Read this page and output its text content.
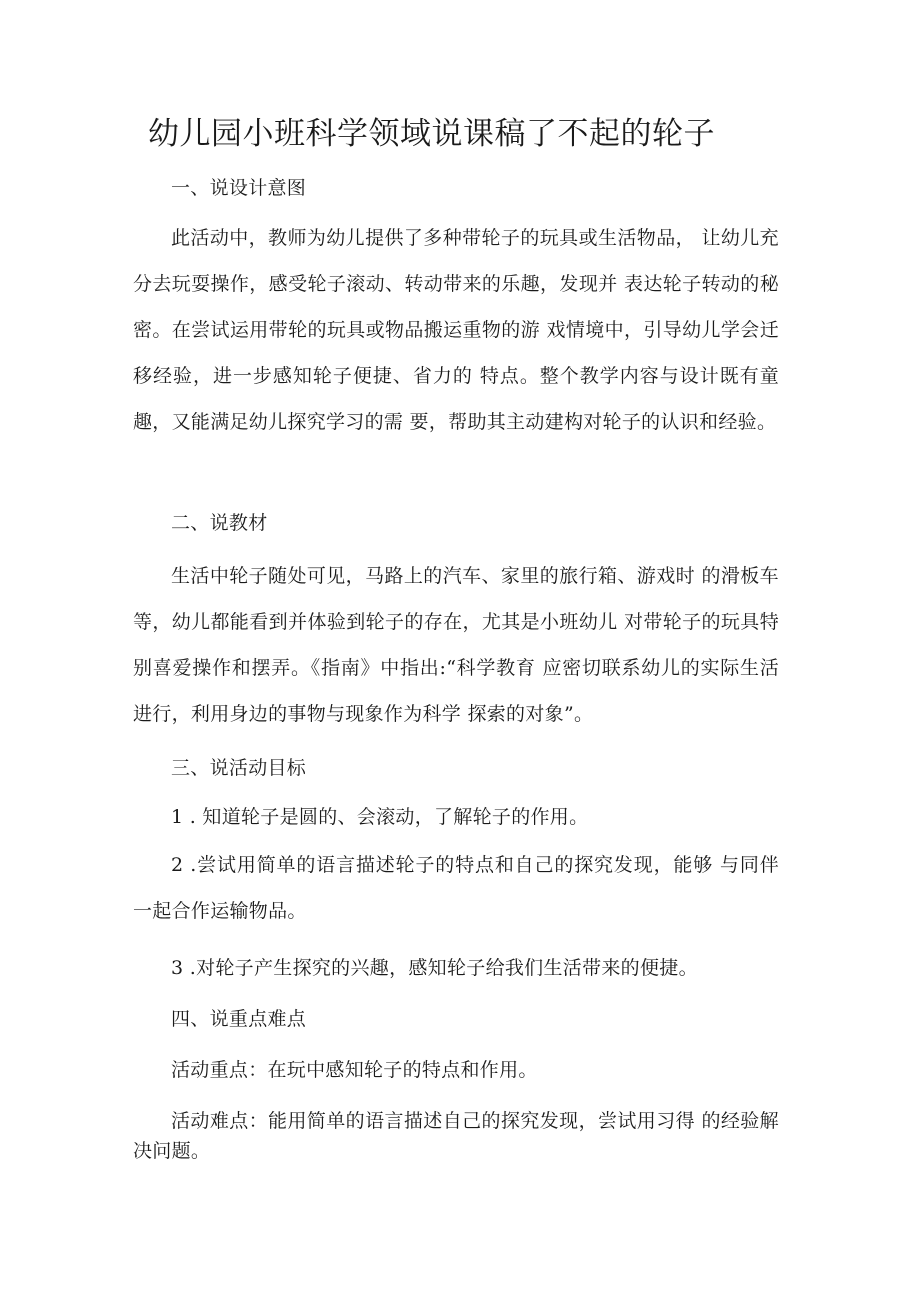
幼儿园小班科学领域说课稿了不起的轮子
一、说设计意图
此活动中，教师为幼儿提供了多种带轮子的玩具或生活物品， 让幼儿充分去玩耍操作，感受轮子滚动、转动带来的乐趣，发现并 表达轮子转动的秘密。在尝试运用带轮的玩具或物品搬运重物的游 戏情境中，引导幼儿学会迁移经验，进一步感知轮子便捷、省力的 特点。整个教学内容与设计既有童趣，又能满足幼儿探究学习的需 要，帮助其主动建构对轮子的认识和经验。
二、说教材
生活中轮子随处可见，马路上的汽车、家里的旅行箱、游戏时 的滑板车等，幼儿都能看到并体验到轮子的存在，尤其是小班幼儿 对带轮子的玩具特别喜爱操作和摆弄。《指南》中指出:“科学教育 应密切联系幼儿的实际生活进行，利用身边的事物与现象作为科学 探索的对象”。
三、说活动目标
1 . 知道轮子是圆的、会滚动，了解轮子的作用。
2 .尝试用简单的语言描述轮子的特点和自己的探究发现，能够 与同伴一起合作运输物品。
3 .对轮子产生探究的兴趣，感知轮子给我们生活带来的便捷。
四、说重点难点
活动重点：在玩中感知轮子的特点和作用。
活动难点：能用简单的语言描述自己的探究发现，尝试用习得 的经验解决问题。
